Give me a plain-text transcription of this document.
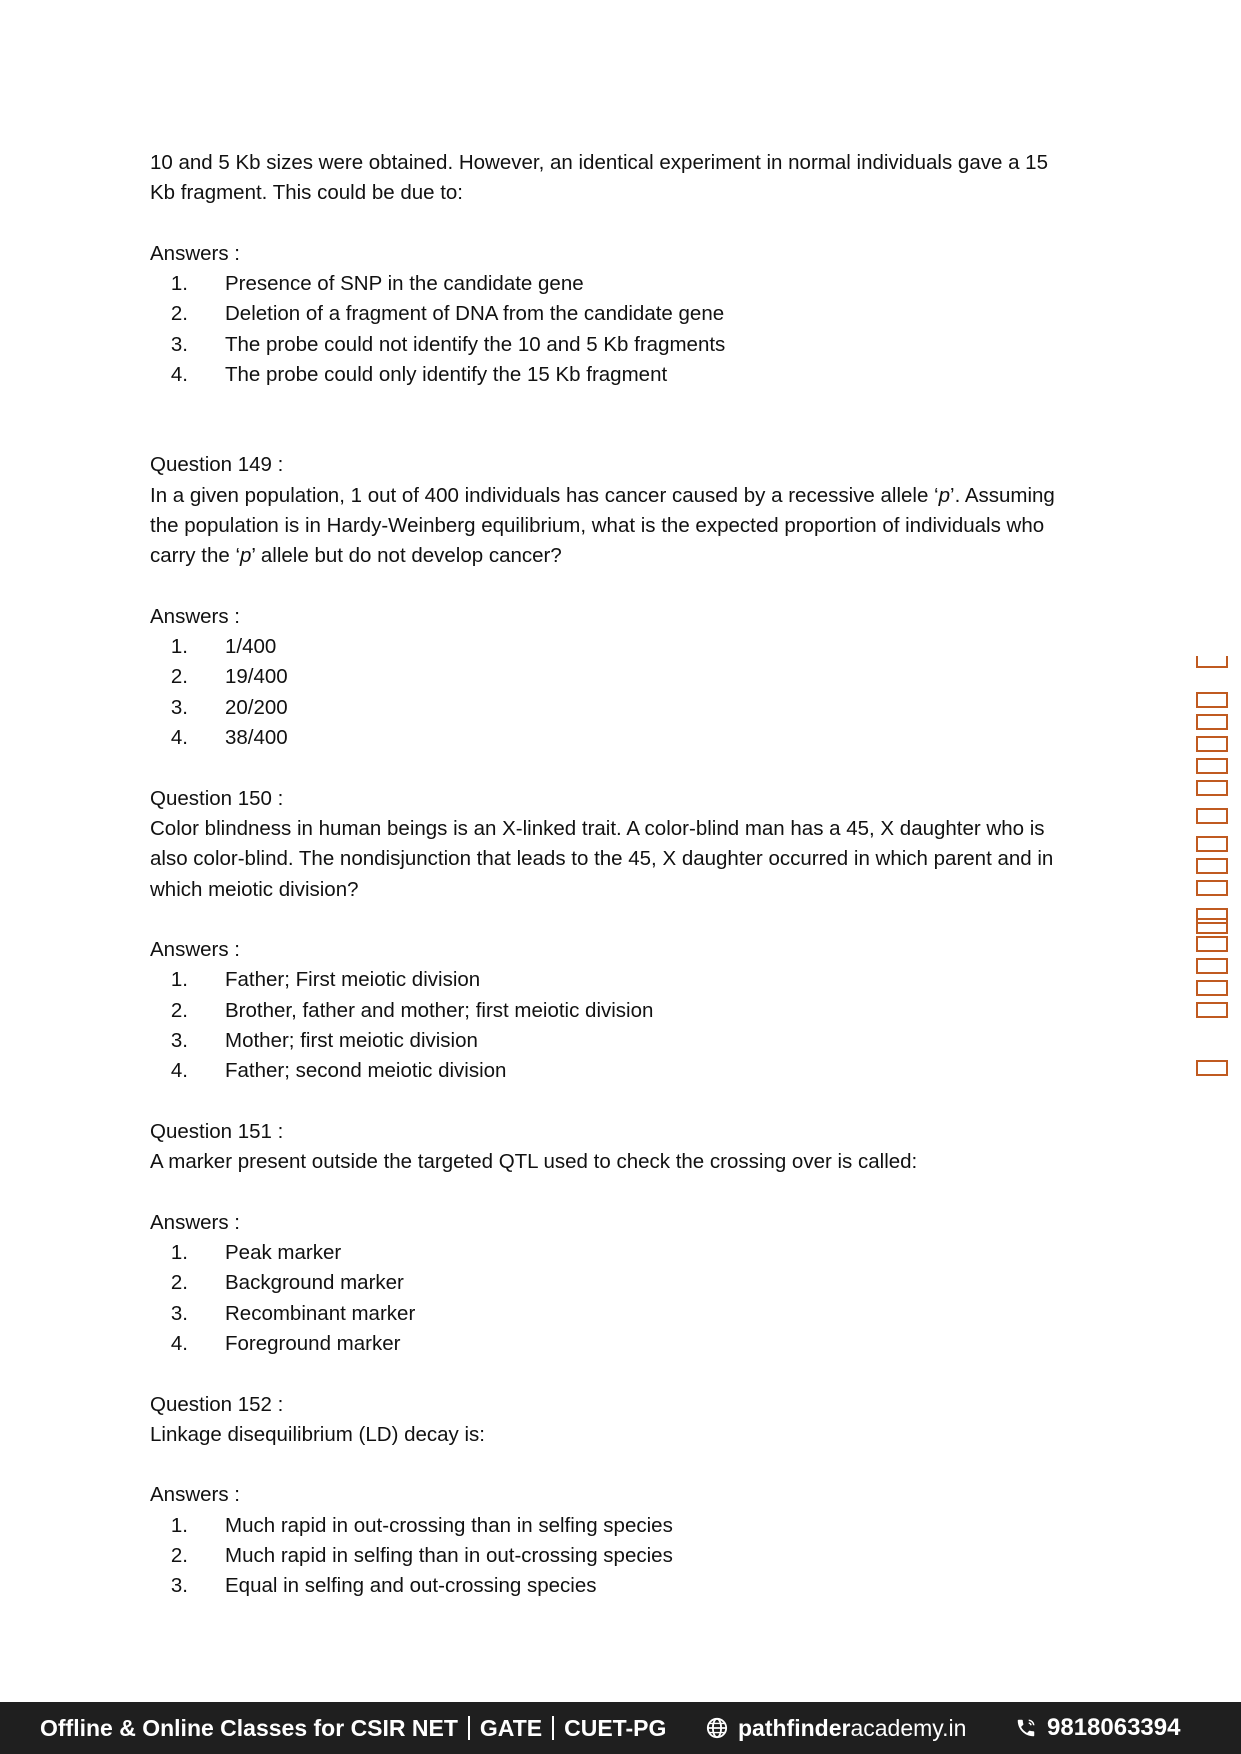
10 and 5 Kb sizes were obtained. However, an identical experiment in normal individuals gave a 15

Kb fragment. This could be due to:

Answers :

1. Presence of SNP in the candidate gene
2. Deletion of a fragment of DNA from the candidate gene
3. The probe could not identify the 10 and 5 Kb fragments
4. The probe could only identify the 15 Kb fragment

Question 149 :

In a given population, 1 out of 400 individuals has cancer caused by a recessive allele ‘p’. Assuming

the population is in Hardy-Weinberg equilibrium, what is the expected proportion of individuals who

carry the ‘p’ allele but do not develop cancer?

Answers :

1. 1/400
2. 19/400
3. 20/200
4. 38/400

Question 150 :

Color blindness in human beings is an X-linked trait. A color-blind man has a 45, X daughter who is

also color-blind. The nondisjunction that leads to the 45, X daughter occurred in which parent and in

which meiotic division?

Answers :

1. Father; First meiotic division
2. Brother, father and mother; first meiotic division
3. Mother; first meiotic division
4. Father; second meiotic division

Question 151 :

A marker present outside the targeted QTL used to check the crossing over is called:

Answers :

1. Peak marker
2. Background marker
3. Recombinant marker
4. Foreground marker

Question 152 :

Linkage disequilibrium (LD) decay is:

Answers :

1. Much rapid in out-crossing than in selfing species
2. Much rapid in selfing than in out-crossing species
3. Equal in selfing and out-crossing species
Offline & Online Classes for CSIR NET GATE CUET-PG	pathfinder academy.in	9818063394
